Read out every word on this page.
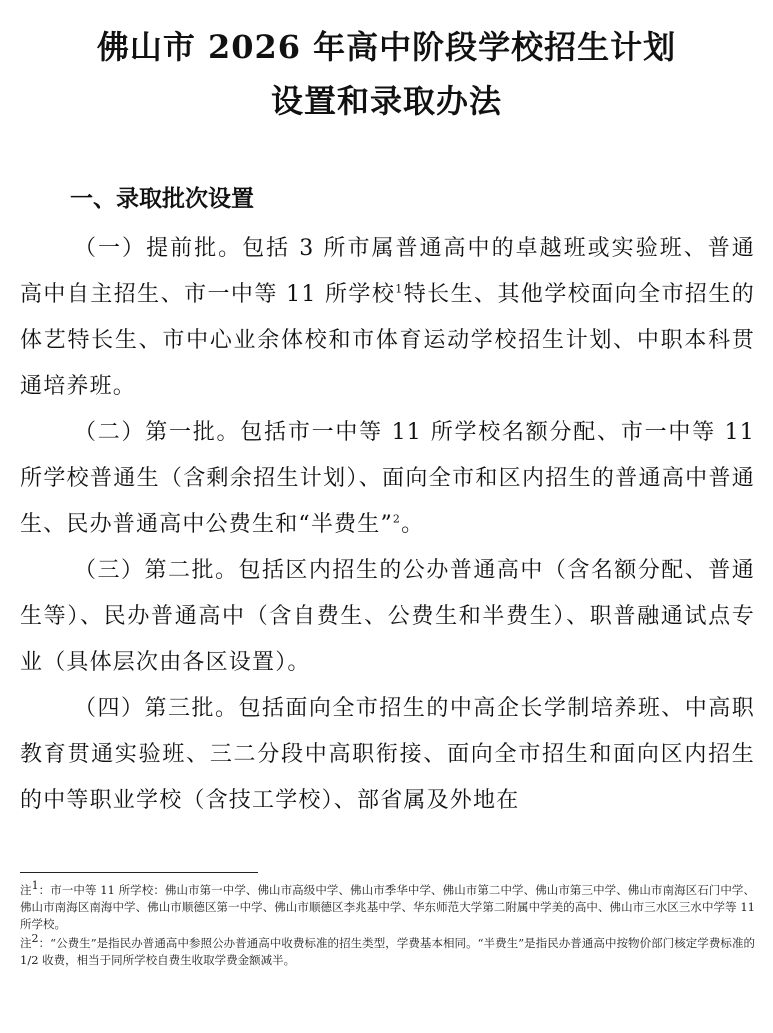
佛山市 2026 年高中阶段学校招生计划
设置和录取办法
一、录取批次设置

（一）提前批。包括 3 所市属普通高中的卓越班或实验班、普通高中自主招生、市一中等 11 所学校$^1$特长生、其他学校面向全市招生的体艺特长生、市中心业余体校和市体育运动学校招生计划、中职本科贯通培养班。

（二）第一批。包括市一中等 11 所学校名额分配、市一中等 11 所学校普通生（含剩余招生计划）、面向全市和区内招生的普通高中普通生、民办普通高中公费生和“半费生”$^2$。

（三）第二批。包括区内招生的公办普通高中（含名额分配、普通生等）、民办普通高中（含自费生、公费生和半费生）、职普融通试点专业（具体层次由各区设置）。

（四）第三批。包括面向全市招生的中高企长学制培养班、中高职教育贯通实验班、三二分段中高职衔接、面向全市招生和面向区内招生的中等职业学校（含技工学校）、部省属及外地在

注$^1$：市一中等 11 所学校：佛山市第一中学、佛山市高级中学、佛山市季华中学、佛山市第二中学、佛山市第三中学、佛山市南海区石门中学、佛山市南海区南海中学、佛山市顺德区第一中学、佛山市顺德区李兆基中学、华东师范大学第二附属中学美的高中、佛山市三水区三水中学等 11 所学校。

注$^2$：“公费生”是指民办普通高中参照公办普通高中收费标准的招生类型，学费基本相同。“半费生”是指民办普通高中按物价部门核定学费标准的 1/2 收费，相当于同所学校自费生收取学费金额减半。
